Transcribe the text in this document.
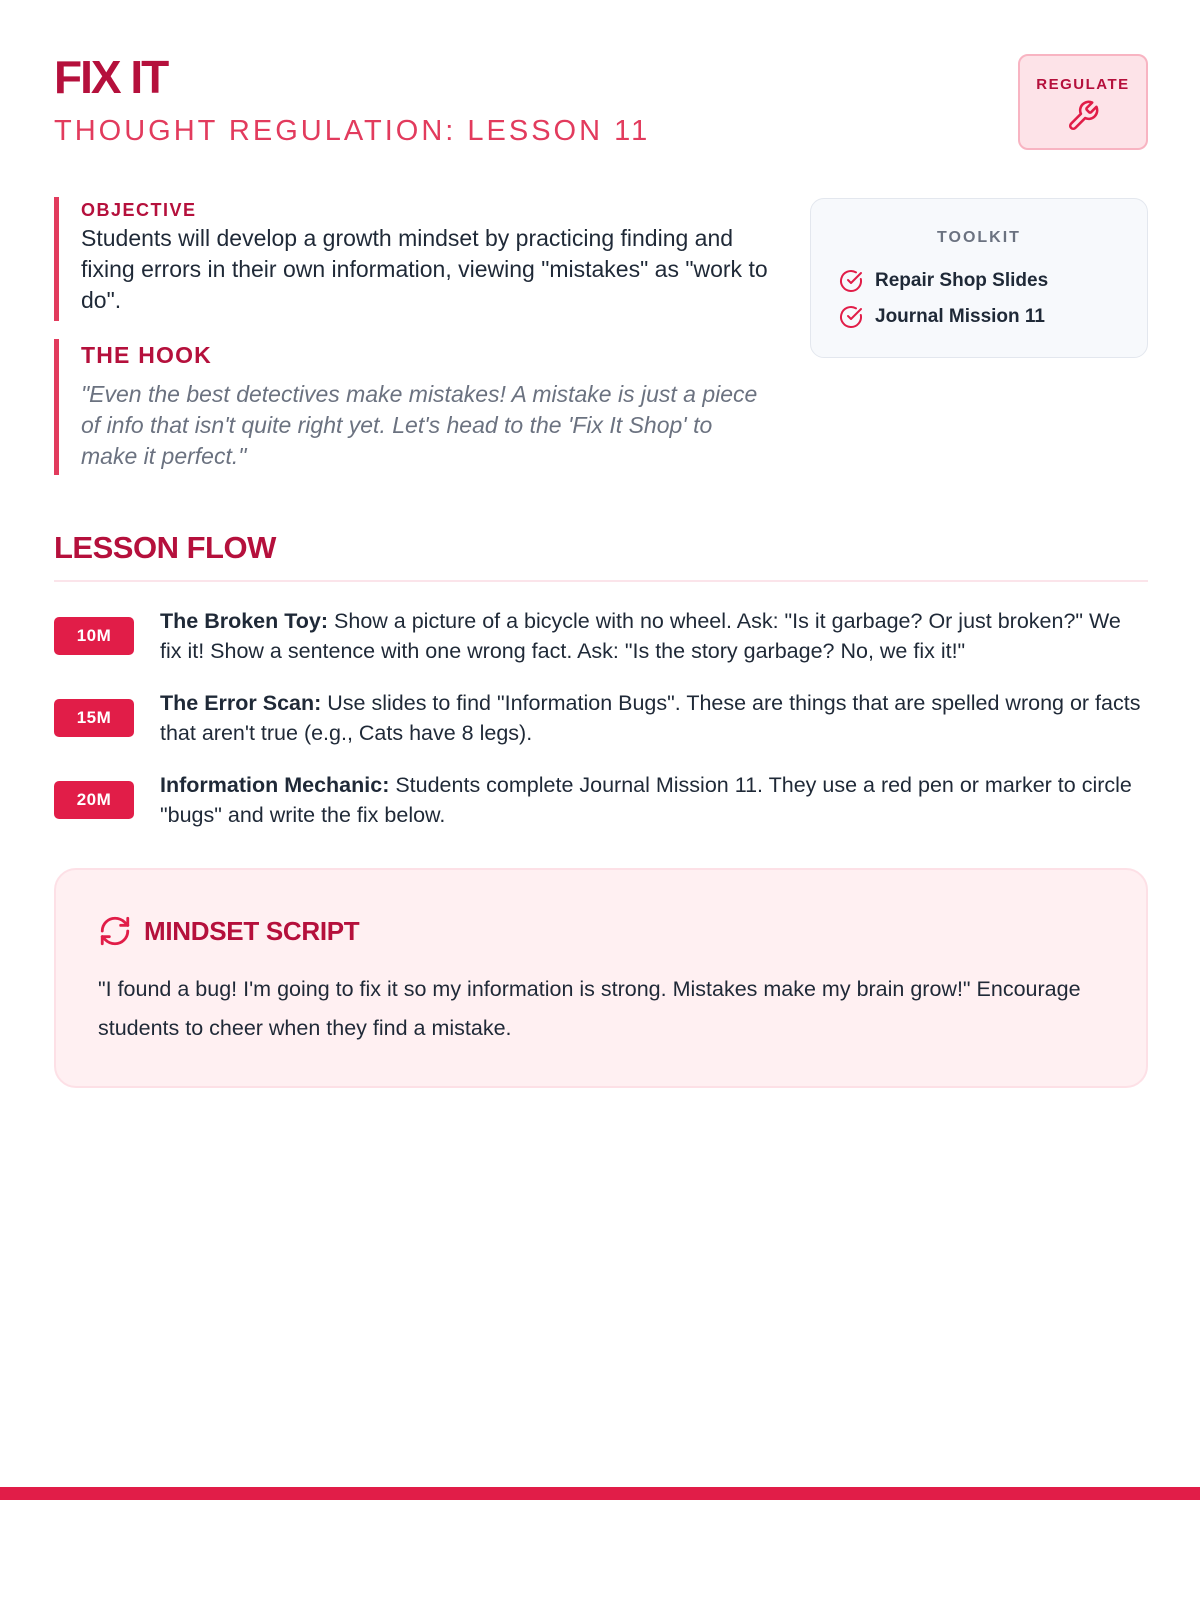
FIX IT
THOUGHT REGULATION: LESSON 11
REGULATE
OBJECTIVE

Students will develop a growth mindset by practicing finding and fixing errors in their own information, viewing "mistakes" as "work to do".

THE HOOK

"Even the best detectives make mistakes! A mistake is just a piece of info that isn't quite right yet. Let's head to the 'Fix It Shop' to make it perfect."

TOOLKIT
Repair Shop Slides
Journal Mission 11
LESSON FLOW
10M

The Broken Toy: Show a picture of a bicycle with no wheel. Ask: "Is it garbage? Or just broken?" We fix it! Show a sentence with one wrong fact. Ask: "Is the story garbage? No, we fix it!"

15M

The Error Scan: Use slides to find "Information Bugs". These are things that are spelled wrong or facts that aren't true (e.g., Cats have 8 legs).

20M

Information Mechanic: Students complete Journal Mission 11. They use a red pen or marker to circle "bugs" and write the fix below.

MINDSET SCRIPT

"I found a bug! I'm going to fix it so my information is strong. Mistakes make my brain grow!" Encourage students to cheer when they find a mistake.
